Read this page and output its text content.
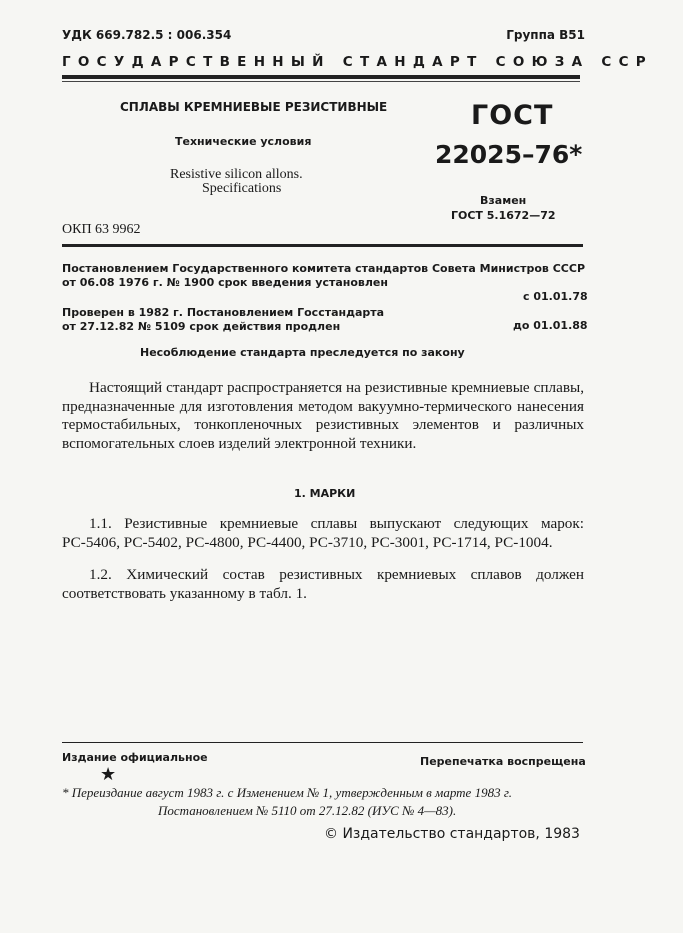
УДК 669.782.5 : 006.354	Группа В51
ГОСУДАРСТВЕННЫЙ СТАНДАРТ СОЮЗА ССР
СПЛАВЫ КРЕМНИЕВЫЕ РЕЗИСТИВНЫЕ	ГОСТ
22025–76*
Технические условия
Resistive silicon allons.
Specifications
Взамен
ГОСТ 5.1672—72
ОКП 63 9962
Постановлением Государственного комитета стандартов Совета Министров СССР
от 06.08 1976 г. № 1900 срок введения установлен
с 01.01.78
Проверен в 1982 г. Постановлением Госстандарта
от 27.12.82 № 5109 срок действия продлен	до 01.01.88
Несоблюдение стандарта преследуется по закону
Настоящий стандарт распространяется на резистивные кремниевые сплавы, предназначенные для изготовления методом вакуумно-термического нанесения термостабильных, тонкопленочных резистивных элементов и различных вспомогательных слоев изделий электронной техники.
1. МАРКИ
1.1. Резистивные кремниевые сплавы выпускают следующих марок: РС-5406, РС-5402, РС-4800, РС-4400, РС-3710, РС-3001, РС-1714, РС-1004.
1.2. Химический состав резистивных кремниевых сплавов должен соответствовать указанному в табл. 1.
Издание официальное	Перепечатка воспрещена
★
* Переиздание август 1983 г. с Изменением № 1, утвержденным в марте 1983 г.
Постановлением № 5110 от 27.12.82 (ИУС № 4—83).
© Издательство стандартов, 1983
